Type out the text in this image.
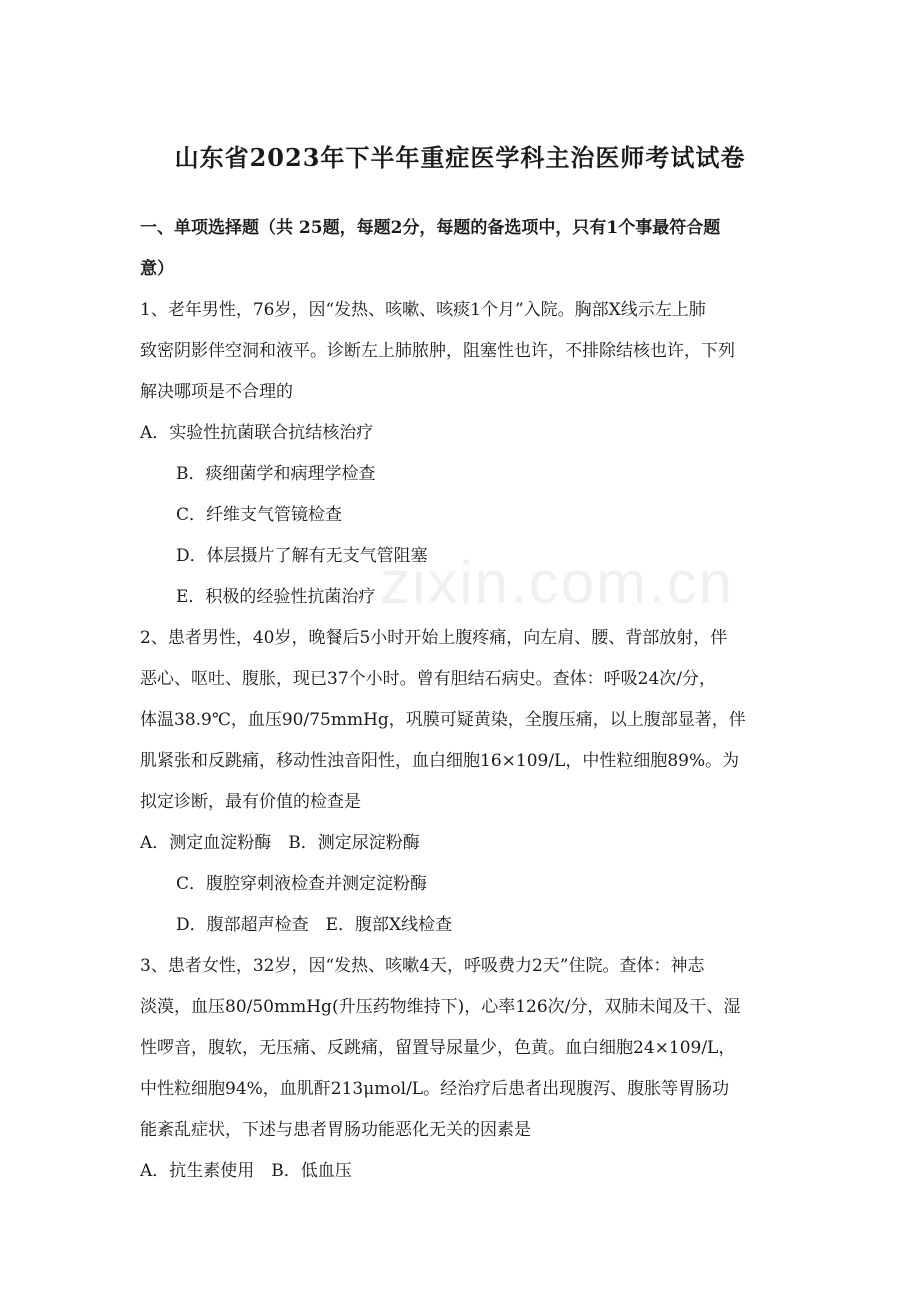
zixin.com.cn
山东省2023年下半年重症医学科主治医师考试试卷
一、单项选择题（共 25题，每题2分，每题的备选项中，只有1个事最符合题
意）
1、老年男性，76岁，因“发热、咳嗽、咳痰1个月”入院。胸部X线示左上肺
致密阴影伴空洞和液平。诊断左上肺脓肿，阻塞性也许，不排除结核也许，下列
解决哪项是不合理的
A．实验性抗菌联合抗结核治疗
B．痰细菌学和病理学检查
C．纤维支气管镜检查
D．体层摄片了解有无支气管阻塞
E．积极的经验性抗菌治疗
2、患者男性，40岁，晚餐后5小时开始上腹疼痛，向左肩、腰、背部放射，伴
恶心、呕吐、腹胀，现已37个小时。曾有胆结石病史。查体：呼吸24次/分，
体温38.9℃，血压90/75mmHg，巩膜可疑黄染，全腹压痛，以上腹部显著，伴
肌紧张和反跳痛，移动性浊音阳性，血白细胞16×109/L，中性粒细胞89%。为
拟定诊断，最有价值的检查是
A．测定血淀粉酶　B．测定尿淀粉酶
C．腹腔穿刺液检查并测定淀粉酶
D．腹部超声检查　E．腹部X线检查
3、患者女性，32岁，因“发热、咳嗽4天，呼吸费力2天”住院。查体：神志
淡漠，血压80/50mmHg(升压药物维持下)，心率126次/分，双肺未闻及干、湿
性啰音，腹软，无压痛、反跳痛，留置导尿量少，色黄。血白细胞24×109/L，
中性粒细胞94%，血肌酐213μmol/L。经治疗后患者出现腹泻、腹胀等胃肠功
能紊乱症状，下述与患者胃肠功能恶化无关的因素是
A．抗生素使用　B．低血压
